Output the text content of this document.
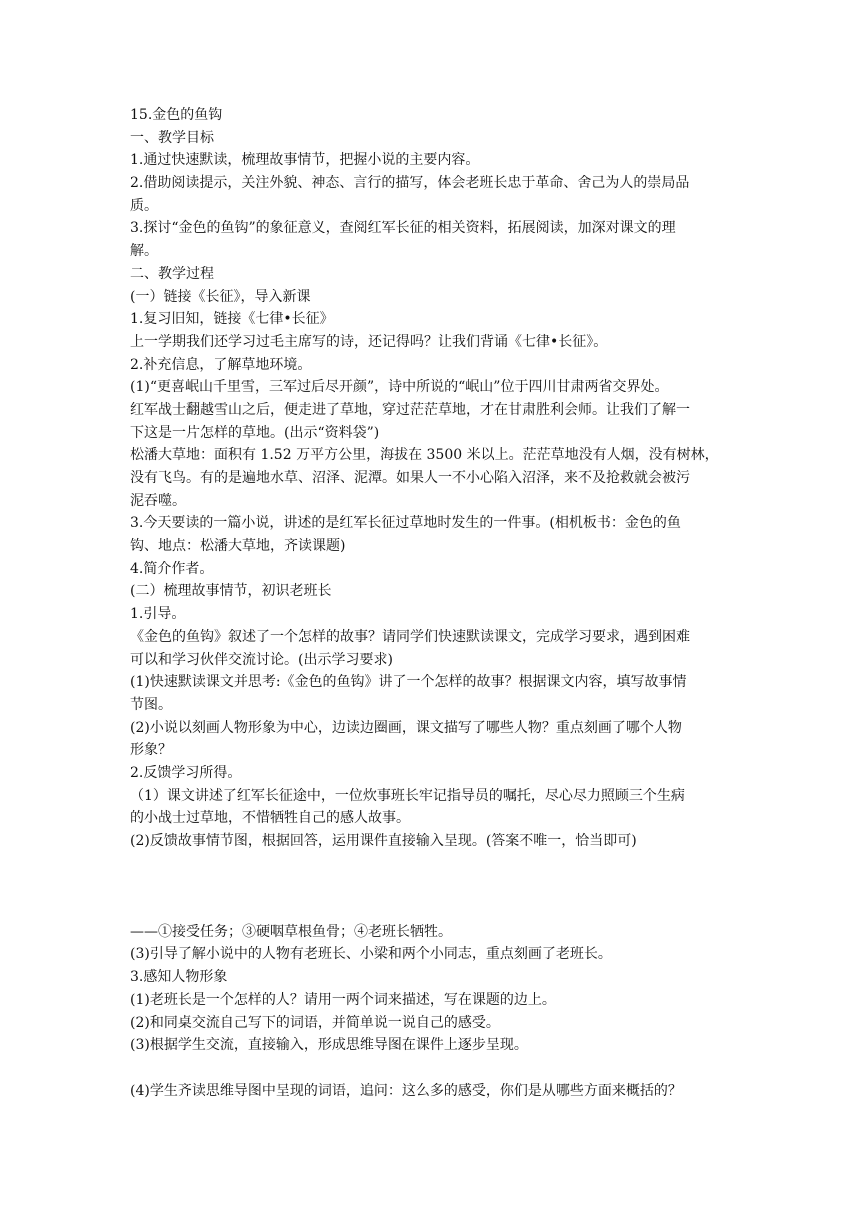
15.金色的鱼钩

一、教学目标

1.通过快速默读，梳理故事情节，把握小说的主要内容。

2.借助阅读提示，关注外貌、神态、言行的描写，体会老班长忠于革命、舍己为人的崇局品

质。

3.探讨“金色的鱼钩”的象征意义，查阅红军长征的相关资料，拓展阅读，加深对课文的理

解。

二、教学过程

(一）链接《长征》，导入新课

1.复习旧知，链接《七律•长征》

上一学期我们还学习过毛主席写的诗，还记得吗？让我们背诵《七律•长征》。

2.补充信息，了解草地环境。

(1)“更喜岷山千里雪，三军过后尽开颜”，诗中所说的“岷山”位于四川甘肃两省交界处。

红军战士翻越雪山之后，便走进了草地，穿过茫茫草地，才在甘肃胜利会师。让我们了解一

下这是一片怎样的草地。(出示“资料袋”)

松潘大草地：面积有 1.52 万平方公里，海拔在 3500 米以上。茫茫草地没有人烟，没有树林，

没有飞鸟。有的是遍地水草、沼泽、泥潭。如果人一不小心陷入沼泽，来不及抢救就会被污

泥吞噬。

3.今天要读的一篇小说，讲述的是红军长征过草地时发生的一件事。(相机板书：金色的鱼

钩、地点：松潘大草地，齐读课题)

4.简介作者。

(二）梳理故事情节，初识老班长

1.引导。

《金色的鱼钩》叙述了一个怎样的故事？请同学们快速默读课文，完成学习要求，遇到困难

可以和学习伙伴交流讨论。(出示学习要求)

(1)快速默读课文并思考:《金色的鱼钩》讲了一个怎样的故事？根据课文内容，填写故事情

节图。

(2)小说以刻画人物形象为中心，边读边圈画，课文描写了哪些人物？重点刻画了哪个人物

形象？

2.反馈学习所得。

（1）课文讲述了红军长征途中，一位炊事班长牢记指导员的嘱托，尽心尽力照顾三个生病

的小战士过草地，不惜牺牲自己的感人故事。

(2)反馈故事情节图，根据回答，运用课件直接输入呈现。(答案不唯一，恰当即可)

——①接受任务；③硬咽草根鱼骨；④老班长牺牲。

(3)引导了解小说中的人物有老班长、小梁和两个小同志，重点刻画了老班长。

3.感知人物形象

(1)老班长是一个怎样的人？请用一两个词来描述，写在课题的边上。

(2)和同桌交流自己写下的词语，并简单说一说自己的感受。

(3)根据学生交流，直接输入，形成思维导图在课件上逐步呈现。

(4)学生齐读思维导图中呈现的词语，追问：这么多的感受，你们是从哪些方面来概括的？
